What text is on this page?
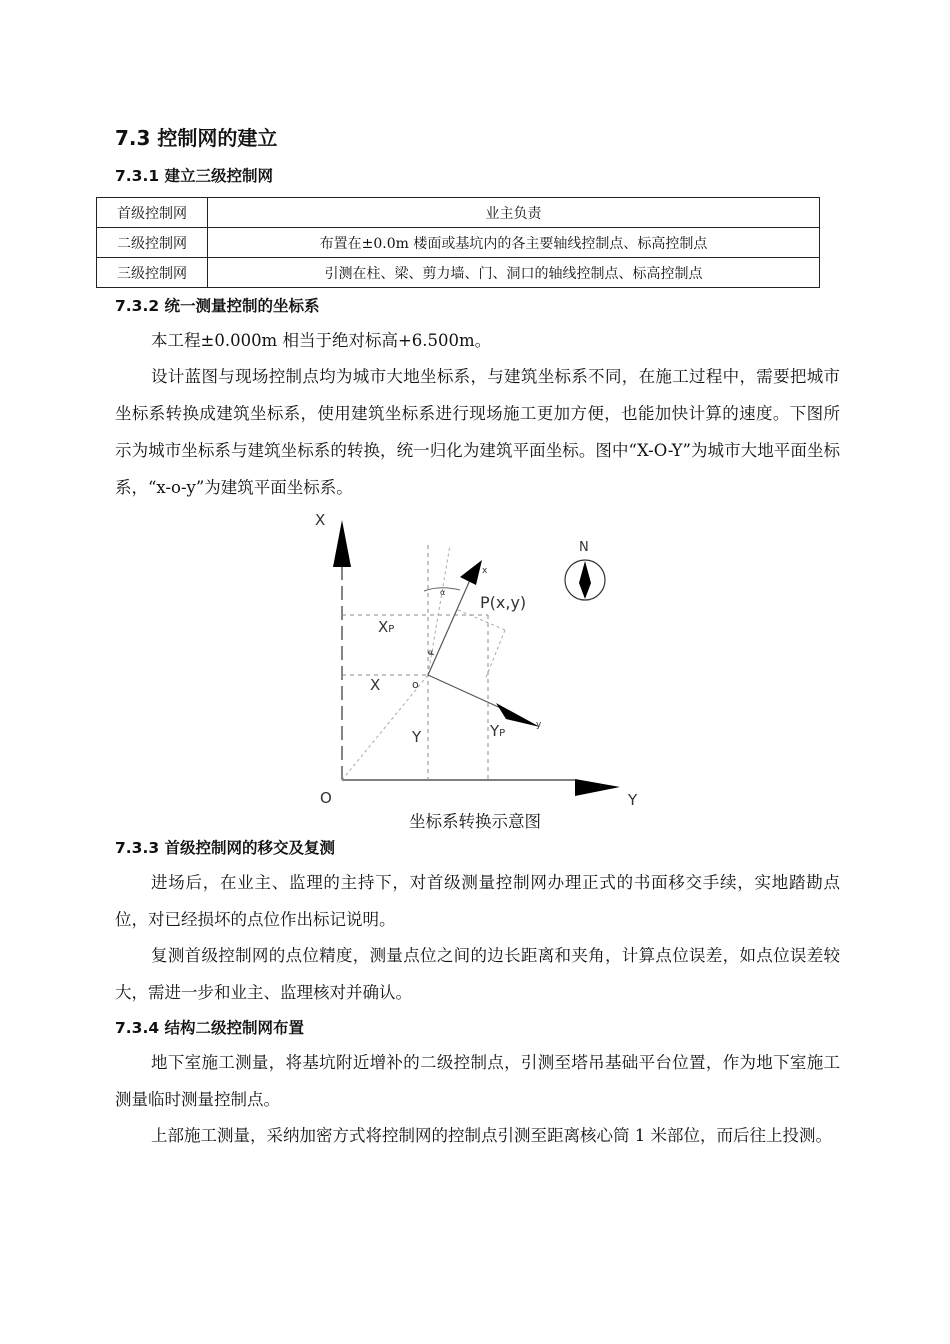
7.3 控制网的建立
7.3.1 建立三级控制网
首级控制网	业主负责
二级控制网	布置在±0.0m 楼面或基坑内的各主要轴线控制点、标高控制点
三级控制网	引测在柱、梁、剪力墙、门、洞口的轴线控制点、标高控制点
7.3.2 统一测量控制的坐标系

本工程±0.000m 相当于绝对标高+6.500m。

设计蓝图与现场控制点均为城市大地坐标系，与建筑坐标系不同，在施工过程中，需要把城市坐标系转换成建筑坐标系，使用建筑坐标系进行现场施工更加方便，也能加快计算的速度。下图所示为城市坐标系与建筑坐标系的转换，统一归化为建筑平面坐标。图中“X-O-Y”为城市大地平面坐标系，“x-o-y”为建筑平面坐标系。

X
O	Y
N
P(x,y)
XP
YP
X
Y
o
x
y
α
α
坐标系转换示意图
7.3.3 首级控制网的移交及复测

进场后，在业主、监理的主持下，对首级测量控制网办理正式的书面移交手续，实地踏勘点位，对已经损坏的点位作出标记说明。

复测首级控制网的点位精度，测量点位之间的边长距离和夹角，计算点位误差，如点位误差较大，需进一步和业主、监理核对并确认。

7.3.4 结构二级控制网布置

地下室施工测量，将基坑附近增补的二级控制点，引测至塔吊基础平台位置，作为地下室施工测量临时测量控制点。

上部施工测量，采纳加密方式将控制网的控制点引测至距离核心筒 1 米部位，而后往上投测。
